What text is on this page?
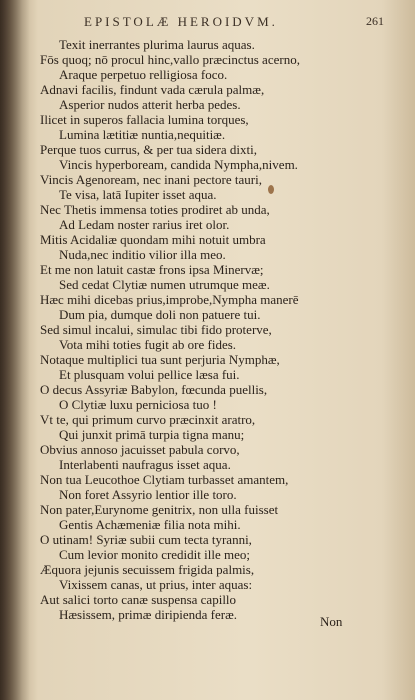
EPISTOLÆ HEROIDVM.	261
Texit inerrantes plurima laurus aquas.
Fōs quoq; nō procul hinc,vallo præcinctus acerno,
Araque perpetuo relligiosa foco.
Adnavi facilis, findunt vada cærula palmæ,
Asperior nudos atterit herba pedes.
Ilicet in superos fallacia lumina torques,
Lumina lætitiæ nuntia,nequitiæ.
Perque tuos currus, & per tua sidera dixti,
Vincis hyperboream, candida Nympha,nivem.
Vincis Agenoream, nec inani pectore tauri,
Te visa, latā Iupiter isset aqua.
Nec Thetis immensa toties prodiret ab unda,
Ad Ledam noster rarius iret olor.
Mitis Acidaliæ quondam mihi notuit umbra
Nuda,nec inditio vilior illa meo.
Et me non latuit castæ frons ipsa Minervæ;
Sed cedat Clytiæ numen utrumque meæ.
Hæc mihi dicebas prius,improbe,Nympha manerē
Dum pia, dumque doli non patuere tui.
Sed simul incalui, simulac tibi fido proterve,
Vota mihi toties fugit ab ore fides.
Notaque multiplici tua sunt perjuria Nymphæ,
Et plusquam volui pellice læsa fui.
O decus Assyriæ Babylon, fœcunda puellis,
O Clytiæ luxu perniciosa tuo !
Vt te, qui primum curvo præcinxit aratro,
Qui junxit primā turpia tigna manu;
Obvius annoso jacuisset pabula corvo,
Interlabenti naufragus isset aqua.
Non tua Leucothoe Clytiam turbasset amantem,
Non foret Assyrio lentior ille toro.
Non pater,Eurynome genitrix, non ulla fuisset
Gentis Achæmeniæ filia nota mihi.
O utinam! Syriæ subii cum tecta tyranni,
Cum levior monito credidit ille meo;
Æquora jejunis secuissem frigida palmis,
Vixissem canas, ut prius, inter aquas:
Aut salici torto canæ suspensa capillo
Hæsissem, primæ diripienda feræ.	Non
